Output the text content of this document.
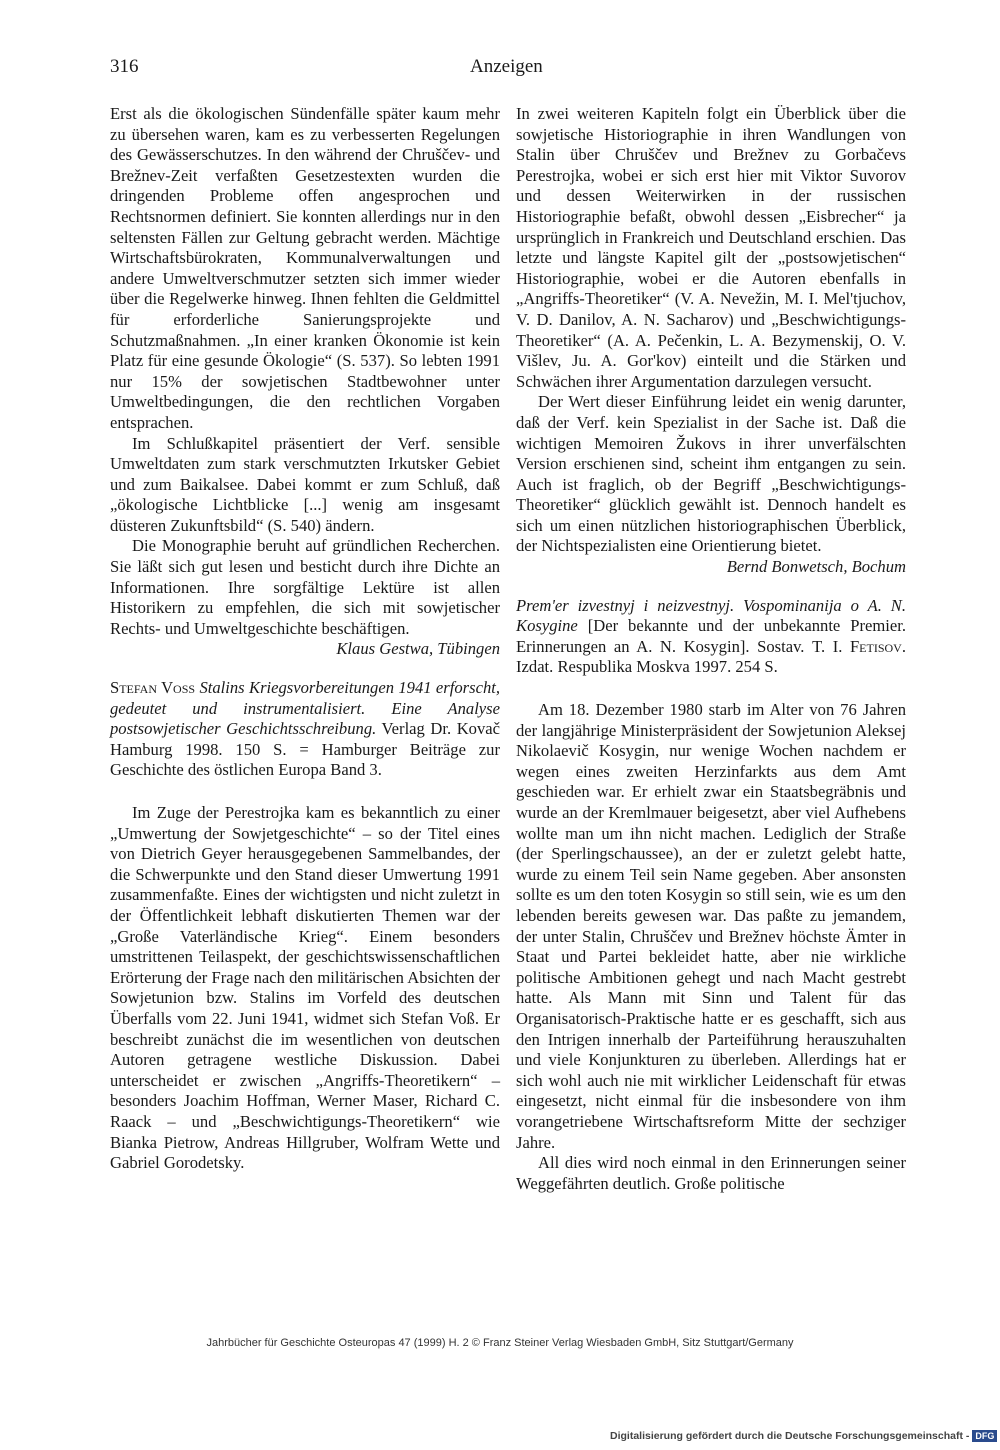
316	Anzeigen

Erst als die ökologischen Sündenfälle später kaum mehr zu übersehen waren, kam es zu verbesserten Regelungen des Gewässerschutzes. In den während der Chruščev- und Brežnev-Zeit verfaßten Gesetzestexten wurden die dringenden Probleme offen angesprochen und Rechtsnormen definiert. Sie konnten allerdings nur in den seltensten Fällen zur Geltung gebracht werden. Mächtige Wirtschaftsbürokraten, Kommunalverwaltungen und andere Umweltverschmutzer setzten sich immer wieder über die Regelwerke hinweg. Ihnen fehlten die Geldmittel für erforderliche Sanierungsprojekte und Schutzmaßnahmen. „In einer kranken Ökonomie ist kein Platz für eine gesunde Ökologie“ (S. 537). So lebten 1991 nur 15% der sowjetischen Stadtbewohner unter Umweltbedingungen, die den rechtlichen Vorgaben entsprachen.

Im Schlußkapitel präsentiert der Verf. sensible Umweltdaten zum stark verschmutzten Irkutsker Gebiet und zum Baikalsee. Dabei kommt er zum Schluß, daß „ökologische Lichtblicke [...] wenig am insgesamt düsteren Zukunftsbild“ (S. 540) ändern.

Die Monographie beruht auf gründlichen Recherchen. Sie läßt sich gut lesen und besticht durch ihre Dichte an Informationen. Ihre sorgfältige Lektüre ist allen Historikern zu empfehlen, die sich mit sowjetischer Rechts- und Umweltgeschichte beschäftigen.

Klaus Gestwa, Tübingen

Stefan Voß Stalins Kriegsvorbereitungen 1941 erforscht, gedeutet und instrumentalisiert. Eine Analyse postsowjetischer Geschichtsschreibung. Verlag Dr. Kovač Hamburg 1998. 150 S. = Hamburger Beiträge zur Geschichte des östlichen Europa Band 3.

Im Zuge der Perestrojka kam es bekanntlich zu einer „Umwertung der Sowjetgeschichte“ – so der Titel eines von Dietrich Geyer herausgegebenen Sammelbandes, der die Schwerpunkte und den Stand dieser Umwertung 1991 zusammenfaßte. Eines der wichtigsten und nicht zuletzt in der Öffentlichkeit lebhaft diskutierten Themen war der „Große Vaterländische Krieg“. Einem besonders umstrittenen Teilaspekt, der geschichtswissenschaftlichen Erörterung der Frage nach den militärischen Absichten der Sowjetunion bzw. Stalins im Vorfeld des deutschen Überfalls vom 22. Juni 1941, widmet sich Stefan Voß. Er beschreibt zunächst die im wesentlichen von deutschen Autoren getragene westliche Diskussion. Dabei unterscheidet er zwischen „Angriffs-Theoretikern“ – besonders Joachim Hoffman, Werner Maser, Richard C. Raack – und „Beschwichtigungs-Theoretikern“ wie Bianka Pietrow, Andreas Hillgruber, Wolfram Wette und Gabriel Gorodetsky.

In zwei weiteren Kapiteln folgt ein Überblick über die sowjetische Historiographie in ihren Wandlungen von Stalin über Chruščev und Brežnev zu Gorbačevs Perestrojka, wobei er sich erst hier mit Viktor Suvorov und dessen Weiterwirken in der russischen Historiographie befaßt, obwohl dessen „Eisbrecher“ ja ursprünglich in Frankreich und Deutschland erschien. Das letzte und längste Kapitel gilt der „postsowjetischen“ Historiographie, wobei er die Autoren ebenfalls in „Angriffs-Theoretiker“ (V. A. Nevežin, M. I. Mel'tjuchov, V. D. Danilov, A. N. Sacharov) und „Beschwichtigungs-Theoretiker“ (A. A. Pečenkin, L. A. Bezymenskij, O. V. Višlev, Ju. A. Gor'kov) einteilt und die Stärken und Schwächen ihrer Argumentation darzulegen versucht.

Der Wert dieser Einführung leidet ein wenig darunter, daß der Verf. kein Spezialist in der Sache ist. Daß die wichtigen Memoiren Žukovs in ihrer unverfälschten Version erschienen sind, scheint ihm entgangen zu sein. Auch ist fraglich, ob der Begriff „Beschwichtigungs-Theoretiker“ glücklich gewählt ist. Dennoch handelt es sich um einen nützlichen historiographischen Überblick, der Nichtspezialisten eine Orientierung bietet.

Bernd Bonwetsch, Bochum

Prem'er izvestnyj i neizvestnyj. Vospominanija o A. N. Kosygine [Der bekannte und der unbekannte Premier. Erinnerungen an A. N. Kosygin]. Sostav. T. I. Fetisov. Izdat. Respublika Moskva 1997. 254 S.

Am 18. Dezember 1980 starb im Alter von 76 Jahren der langjährige Ministerpräsident der Sowjetunion Aleksej Nikolaevič Kosygin, nur wenige Wochen nachdem er wegen eines zweiten Herzinfarkts aus dem Amt geschieden war. Er erhielt zwar ein Staatsbegräbnis und wurde an der Kremlmauer beigesetzt, aber viel Aufhebens wollte man um ihn nicht machen. Lediglich der Straße (der Sperlingschaussee), an der er zuletzt gelebt hatte, wurde zu einem Teil sein Name gegeben. Aber ansonsten sollte es um den toten Kosygin so still sein, wie es um den lebenden bereits gewesen war. Das paßte zu jemandem, der unter Stalin, Chruščev und Brežnev höchste Ämter in Staat und Partei bekleidet hatte, aber nie wirkliche politische Ambitionen gehegt und nach Macht gestrebt hatte. Als Mann mit Sinn und Talent für das Organisatorisch-Praktische hatte er es geschafft, sich aus den Intrigen innerhalb der Parteiführung herauszuhalten und viele Konjunkturen zu überleben. Allerdings hat er sich wohl auch nie mit wirklicher Leidenschaft für etwas eingesetzt, nicht einmal für die insbesondere von ihm vorangetriebene Wirtschaftsreform Mitte der sechziger Jahre.

All dies wird noch einmal in den Erinnerungen seiner Weggefährten deutlich. Große politische

Jahrbücher für Geschichte Osteuropas 47 (1999) H. 2 © Franz Steiner Verlag Wiesbaden GmbH, Sitz Stuttgart/Germany
Digitalisierung gefördert durch die Deutsche Forschungsgemeinschaft - DFG
